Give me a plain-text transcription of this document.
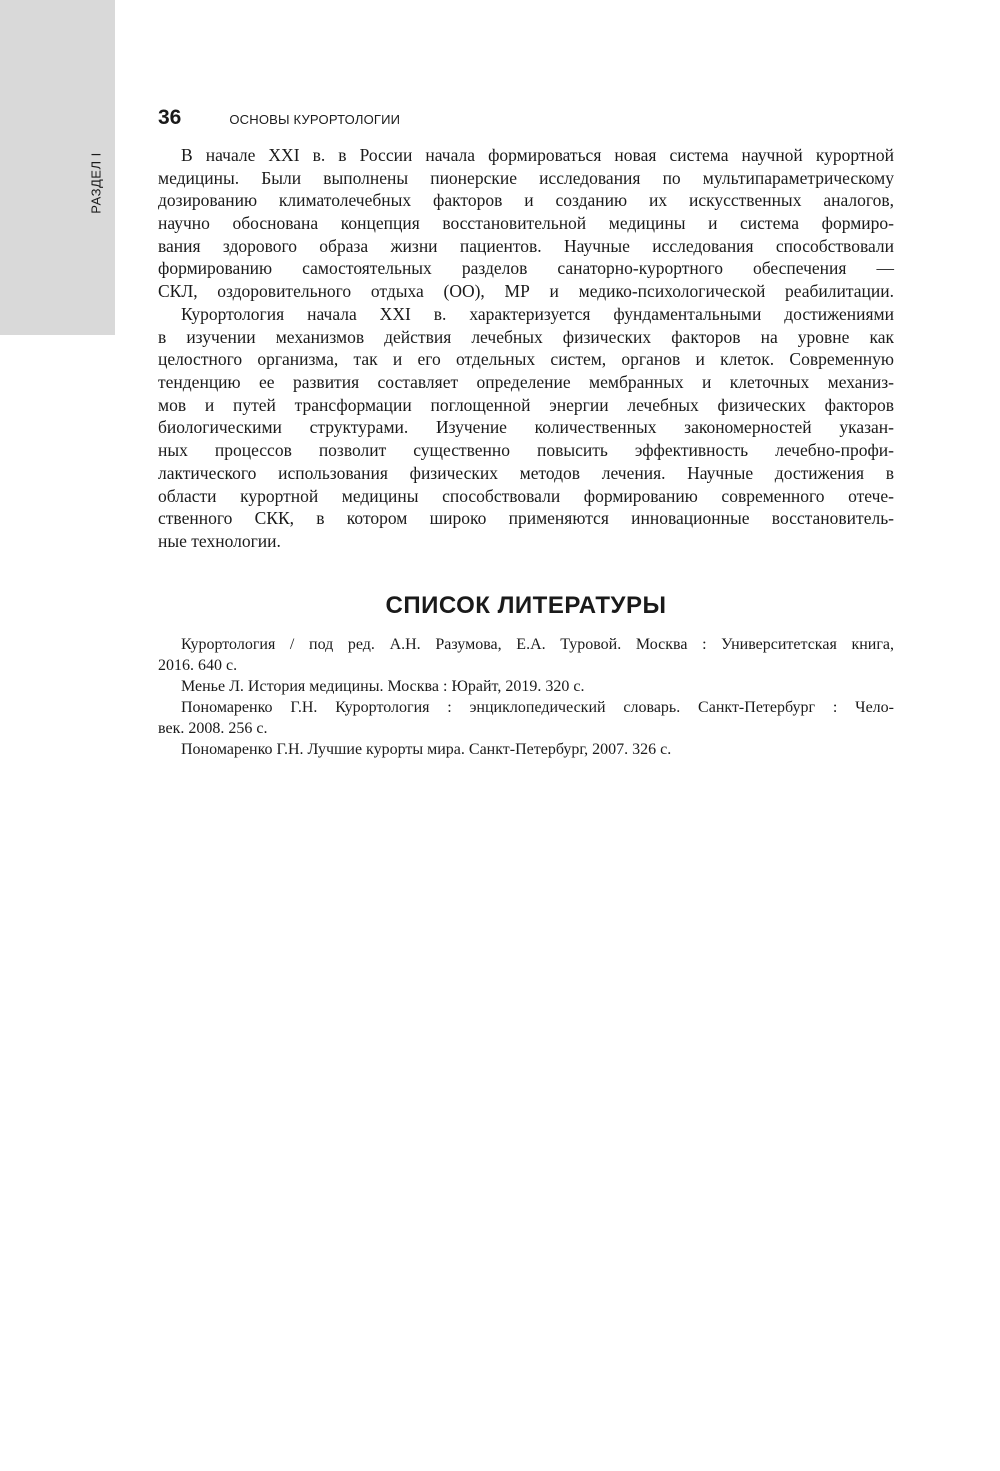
РАЗДЕЛ I
36	ОСНОВЫ КУРОРТОЛОГИИ
В начале XXI в. в России начала формироваться новая система научной курортной
медицины. Были выполнены пионерские исследования по мультипараметрическому
дозированию климатолечебных факторов и созданию их искусственных аналогов,
научно обоснована концепция восстановительной медицины и система формиро-
вания здорового образа жизни пациентов. Научные исследования способствовали
формированию самостоятельных разделов санаторно-курортного обеспечения —
СКЛ, оздоровительного отдыха (ОО), МР и медико-психологической реабилитации.
Курортология начала XXI в. характеризуется фундаментальными достижениями
в изучении механизмов действия лечебных физических факторов на уровне как
целостного организма, так и его отдельных систем, органов и клеток. Современную
тенденцию ее развития составляет определение мембранных и клеточных механиз-
мов и путей трансформации поглощенной энергии лечебных физических факторов
биологическими структурами. Изучение количественных закономерностей указан-
ных процессов позволит существенно повысить эффективность лечебно-профи-
лактического использования физических методов лечения. Научные достижения в
области курортной медицины способствовали формированию современного отече-
ственного СКК, в котором широко применяются инновационные восстановитель-
ные технологии.
СПИСОК ЛИТЕРАТУРЫ
Курортология / под ред. А.Н. Разумова, Е.А. Туровой. Москва : Университетская книга,
2016. 640 с.
Менье Л. История медицины. Москва : Юрайт, 2019. 320 с.
Пономаренко Г.Н. Курортология : энциклопедический словарь. Санкт-Петербург : Чело-
век. 2008. 256 с.
Пономаренко Г.Н. Лучшие курорты мира. Санкт-Петербург, 2007. 326 с.
